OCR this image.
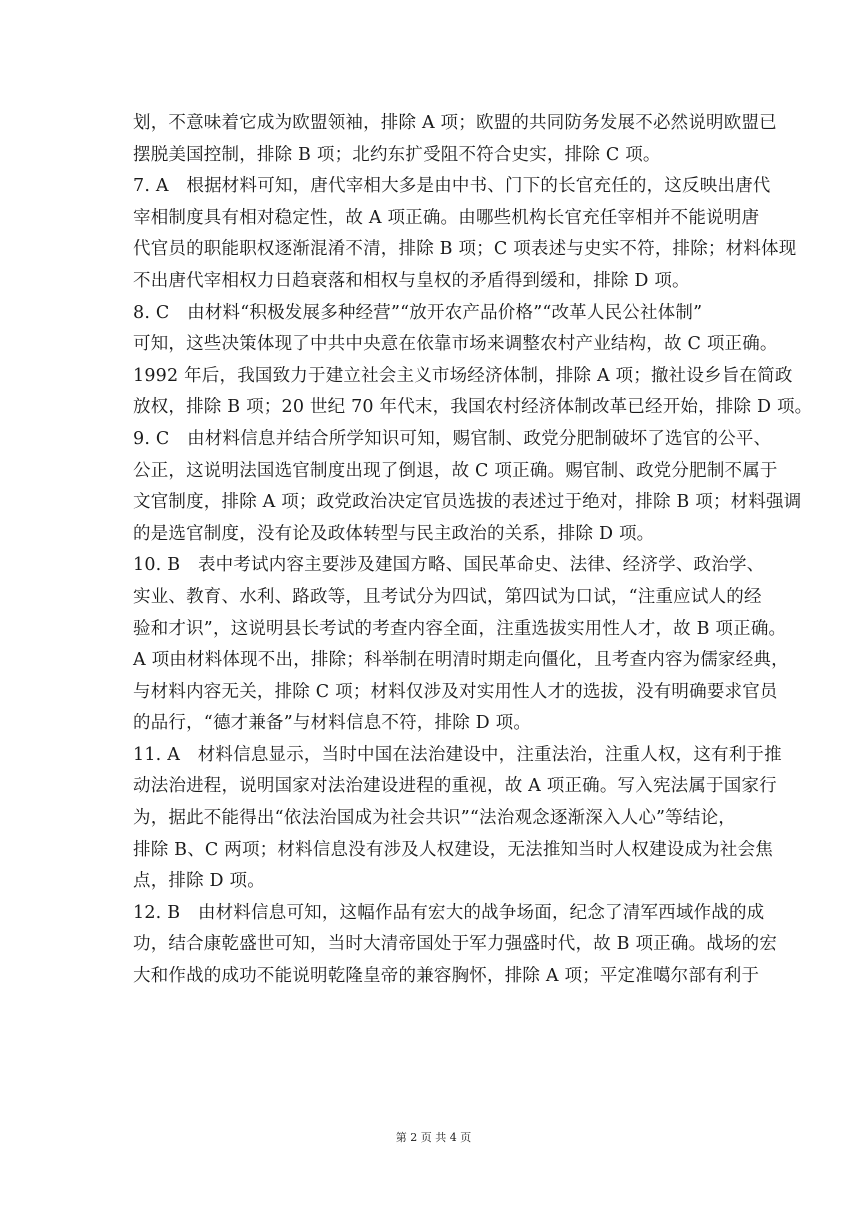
划，不意味着它成为欧盟领袖，排除 A 项；欧盟的共同防务发展不必然说明欧盟已
摆脱美国控制，排除 B 项；北约东扩受阻不符合史实，排除 C 项。
7. A　根据材料可知，唐代宰相大多是由中书、门下的长官充任的，这反映出唐代
宰相制度具有相对稳定性，故 A 项正确。由哪些机构长官充任宰相并不能说明唐
代官员的职能职权逐渐混淆不清，排除 B 项；C 项表述与史实不符，排除；材料体现
不出唐代宰相权力日趋衰落和相权与皇权的矛盾得到缓和，排除 D 项。
8. C　由材料“积极发展多种经营”“放开农产品价格”“改革人民公社体制”
可知，这些决策体现了中共中央意在依靠市场来调整农村产业结构，故 C 项正确。
1992 年后，我国致力于建立社会主义市场经济体制，排除 A 项；撤社设乡旨在简政
放权，排除 B 项；20 世纪 70 年代末，我国农村经济体制改革已经开始，排除 D 项。
9. C　由材料信息并结合所学知识可知，赐官制、政党分肥制破坏了选官的公平、
公正，这说明法国选官制度出现了倒退，故 C 项正确。赐官制、政党分肥制不属于
文官制度，排除 A 项；政党政治决定官员选拔的表述过于绝对，排除 B 项；材料强调
的是选官制度，没有论及政体转型与民主政治的关系，排除 D 项。
10. B　表中考试内容主要涉及建国方略、国民革命史、法律、经济学、政治学、
实业、教育、水利、路政等，且考试分为四试，第四试为口试，“注重应试人的经
验和才识”，这说明县长考试的考查内容全面，注重选拔实用性人才，故 B 项正确。
A 项由材料体现不出，排除；科举制在明清时期走向僵化，且考查内容为儒家经典，
与材料内容无关，排除 C 项；材料仅涉及对实用性人才的选拔，没有明确要求官员
的品行，“德才兼备”与材料信息不符，排除 D 项。
11. A　材料信息显示，当时中国在法治建设中，注重法治，注重人权，这有利于推
动法治进程，说明国家对法治建设进程的重视，故 A 项正确。写入宪法属于国家行
为，据此不能得出“依法治国成为社会共识”“法治观念逐渐深入人心”等结论，
排除 B、C 两项；材料信息没有涉及人权建设，无法推知当时人权建设成为社会焦
点，排除 D 项。
12. B　由材料信息可知，这幅作品有宏大的战争场面，纪念了清军西域作战的成
功，结合康乾盛世可知，当时大清帝国处于军力强盛时代，故 B 项正确。战场的宏
大和作战的成功不能说明乾隆皇帝的兼容胸怀，排除 A 项；平定准噶尔部有利于
第 2 页 共 4 页
